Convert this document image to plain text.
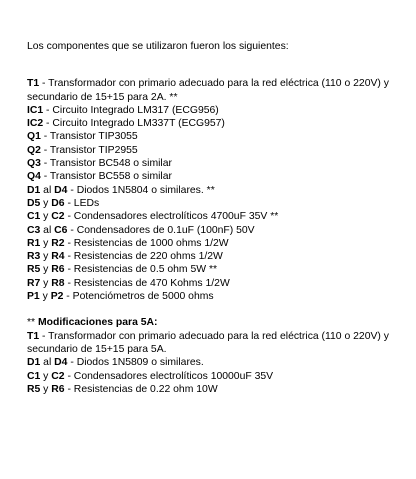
Los componentes que se utilizaron fueron los siguientes:
T1 - Transformador con primario adecuado para la red eléctrica (110 o 220V) y secundario de 15+15 para 2A. **
IC1 - Circuito Integrado LM317 (ECG956)
IC2 - Circuito Integrado LM337T (ECG957)
Q1 - Transistor TIP3055
Q2 - Transistor TIP2955
Q3 - Transistor BC548 o similar
Q4 - Transistor BC558 o similar
D1 al D4 - Diodos 1N5804 o similares. **
D5 y D6 - LEDs
C1 y C2 - Condensadores electrolíticos 4700uF 35V **
C3 al C6 - Condensadores de 0.1uF (100nF) 50V
R1 y R2 - Resistencias de 1000 ohms 1/2W
R3 y R4 - Resistencias de 220 ohms 1/2W
R5 y R6 - Resistencias de 0.5 ohm 5W **
R7 y R8 - Resistencias de 470 Kohms 1/2W
P1 y P2 - Potenciómetros de 5000 ohms
** Modificaciones para 5A:
T1 - Transformador con primario adecuado para la red eléctrica (110 o 220V) y secundario de 15+15 para 5A.
D1 al D4 - Diodos 1N5809 o similares.
C1 y C2 - Condensadores electrolíticos 10000uF 35V
R5 y R6 - Resistencias de 0.22 ohm 10W
